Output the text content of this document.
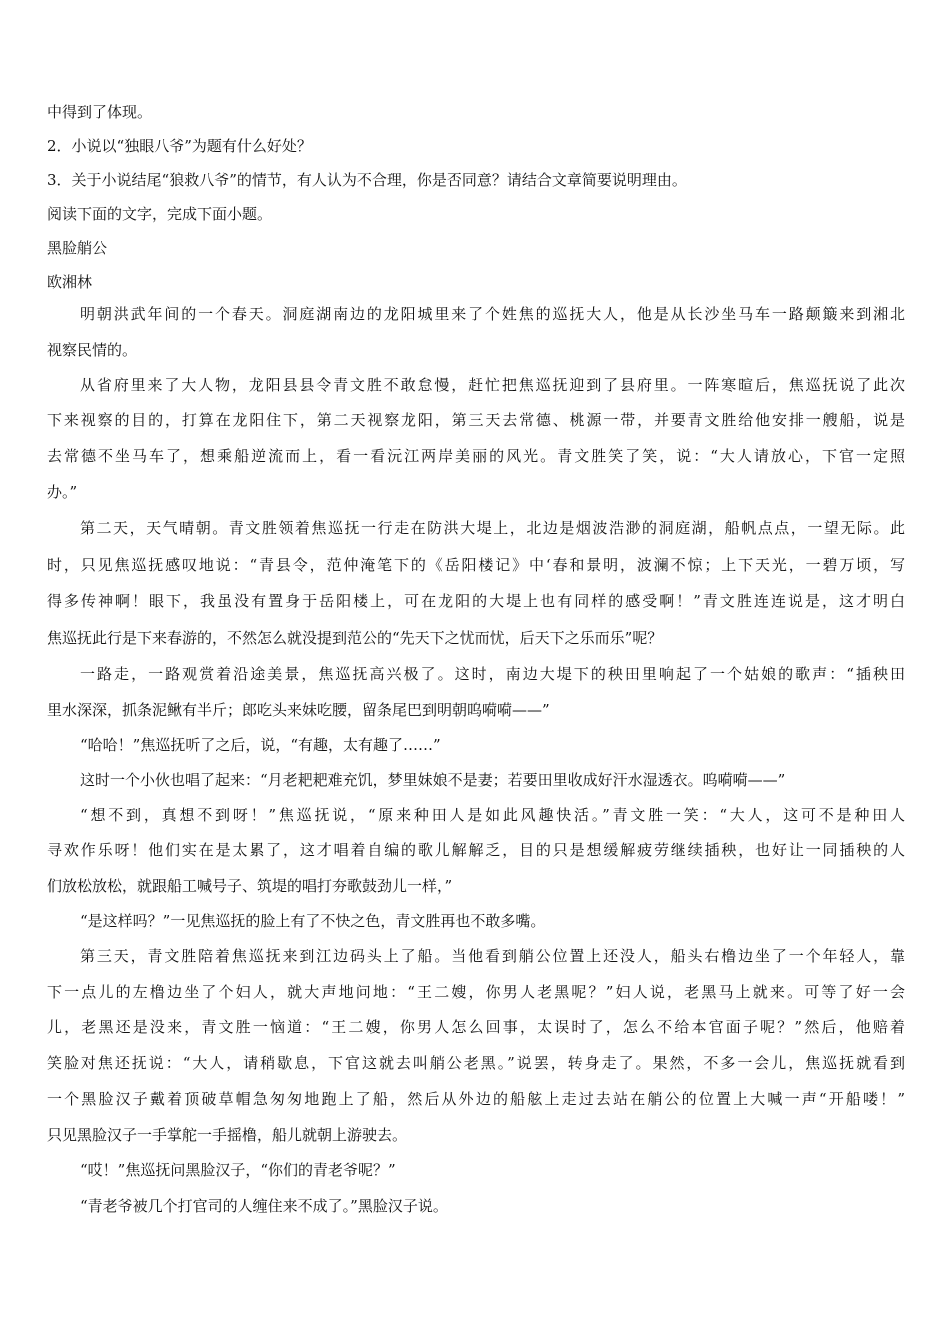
中得到了体现。
2．小说以“独眼八爷”为题有什么好处？
3．关于小说结尾“狼救八爷”的情节，有人认为不合理，你是否同意？请结合文章简要说明理由。
阅读下面的文字，完成下面小题。
黑脸艄公
欧湘林
明朝洪武年间的一个春天。洞庭湖南边的龙阳城里来了个姓焦的巡抚大人，他是从长沙坐马车一路颠簸来到湘北
视察民情的。
从省府里来了大人物，龙阳县县令青文胜不敢怠慢，赶忙把焦巡抚迎到了县府里。一阵寒暄后，焦巡抚说了此次
下来视察的目的，打算在龙阳住下，第二天视察龙阳，第三天去常德、桃源一带，并要青文胜给他安排一艘船，说是
去常德不坐马车了，想乘船逆流而上，看一看沅江两岸美丽的风光。青文胜笑了笑，说：“大人请放心，下官一定照
办。”
第二天，天气晴朝。青文胜领着焦巡抚一行走在防洪大堤上，北边是烟波浩渺的洞庭湖，船帆点点，一望无际。此
时，只见焦巡抚感叹地说：“青县令，范仲淹笔下的《岳阳楼记》中‘春和景明，波澜不惊；上下天光，一碧万顷，写
得多传神啊！眼下，我虽没有置身于岳阳楼上，可在龙阳的大堤上也有同样的感受啊！”青文胜连连说是，这才明白
焦巡抚此行是下来春游的，不然怎么就没提到范公的“先天下之忧而忧，后天下之乐而乐”呢？
一路走，一路观赏着沿途美景，焦巡抚高兴极了。这时，南边大堤下的秧田里响起了一个姑娘的歌声：“插秧田
里水深深，抓条泥鳅有半斤；郎吃头来妹吃腰，留条尾巴到明朝呜嗬嗬——”
“哈哈！”焦巡抚听了之后，说，“有趣，太有趣了……”
这时一个小伙也唱了起来：“月老耙耙难充饥，梦里妹娘不是妻；若要田里收成好汗水湿透衣。呜嗬嗬——”
“想不到，真想不到呀！”焦巡抚说，“原来种田人是如此风趣快活。”青文胜一笑：“大人，这可不是种田人
寻欢作乐呀！他们实在是太累了，这才唱着自编的歌儿解解乏，目的只是想缓解疲劳继续插秧，也好让一同插秧的人
们放松放松，就跟船工喊号子、筑堤的唱打夯歌鼓劲儿一样，”
“是这样吗？”一见焦巡抚的脸上有了不快之色，青文胜再也不敢多嘴。
第三天，青文胜陪着焦巡抚来到江边码头上了船。当他看到艄公位置上还没人，船头右橹边坐了一个年轻人，靠
下一点儿的左橹边坐了个妇人，就大声地问地：“王二嫂，你男人老黑呢？”妇人说，老黑马上就来。可等了好一会
儿，老黑还是没来，青文胜一恼道：“王二嫂，你男人怎么回事，太误时了，怎么不给本官面子呢？”然后，他赔着
笑脸对焦还抚说：“大人，请稍歇息，下官这就去叫艄公老黑。”说罢，转身走了。果然，不多一会儿，焦巡抚就看到
一个黑脸汉子戴着顶破草帽急匆匆地跑上了船，然后从外边的船舷上走过去站在艄公的位置上大喊一声“开船喽！”
只见黑脸汉子一手掌舵一手摇橹，船儿就朝上游驶去。
“哎！”焦巡抚问黑脸汉子，“你们的青老爷呢？”
“青老爷被几个打官司的人缠住来不成了。”黑脸汉子说。
